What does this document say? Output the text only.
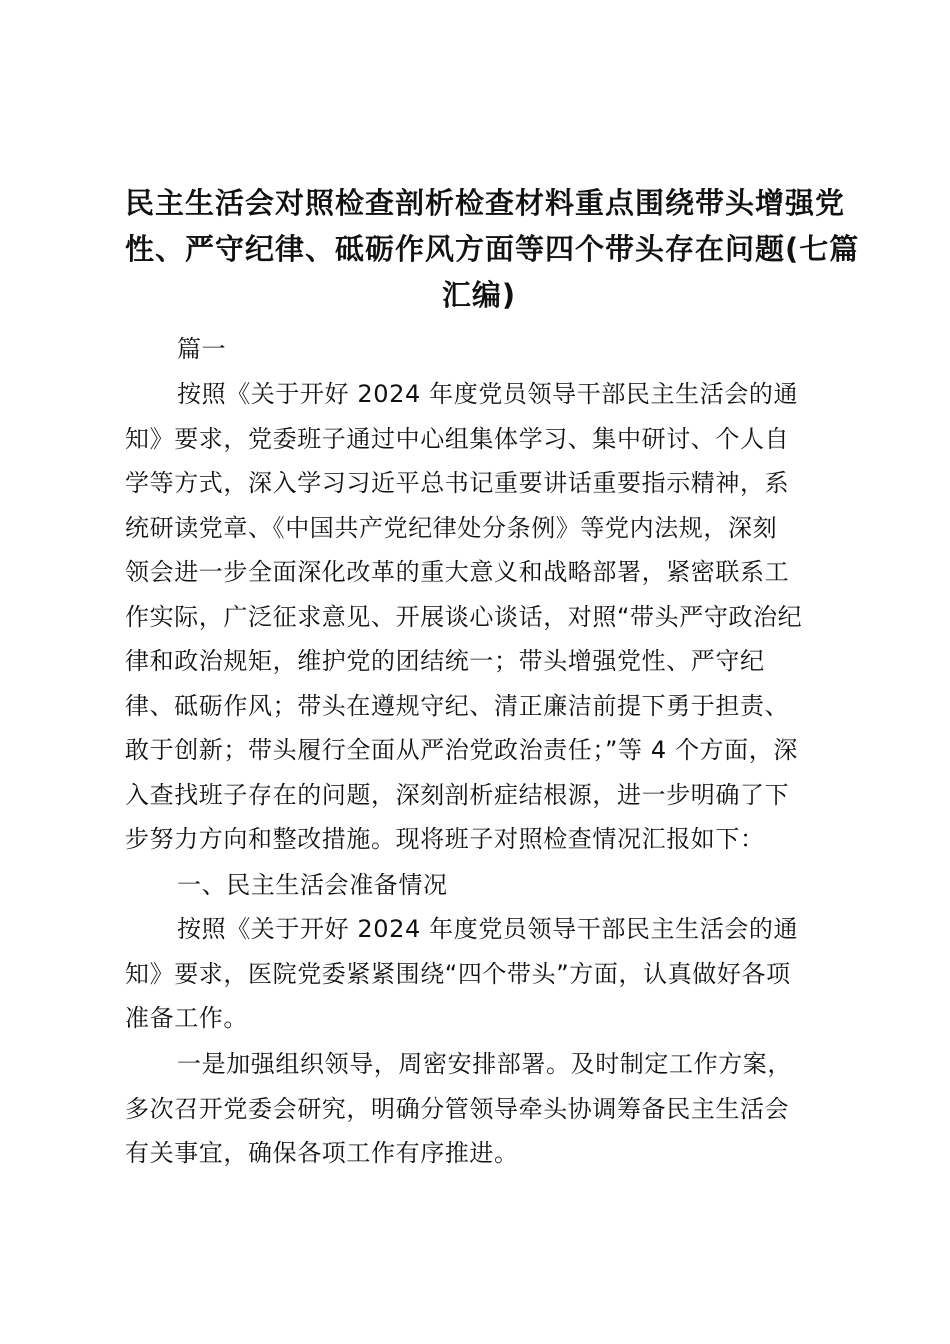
民主生活会对照检查剖析检查材料重点围绕带头增强党
性、严守纪律、砥砺作风方面等四个带头存在问题(七篇
汇编)
篇一
按照《关于开好 2024 年度党员领导干部民主生活会的通
知》要求，党委班子通过中心组集体学习、集中研讨、个人自
学等方式，深入学习习近平总书记重要讲话重要指示精神，系
统研读党章、《中国共产党纪律处分条例》等党内法规，深刻
领会进一步全面深化改革的重大意义和战略部署，紧密联系工
作实际，广泛征求意见、开展谈心谈话，对照“带头严守政治纪
律和政治规矩，维护党的团结统一；带头增强党性、严守纪
律、砥砺作风；带头在遵规守纪、清正廉洁前提下勇于担责、
敢于创新；带头履行全面从严治党政治责任；”等 4 个方面，深
入查找班子存在的问题，深刻剖析症结根源，进一步明确了下
步努力方向和整改措施。现将班子对照检查情况汇报如下：
一、民主生活会准备情况
按照《关于开好 2024 年度党员领导干部民主生活会的通
知》要求，医院党委紧紧围绕“四个带头”方面，认真做好各项
准备工作。
一是加强组织领导，周密安排部署。及时制定工作方案，
多次召开党委会研究，明确分管领导牵头协调筹备民主生活会
有关事宜，确保各项工作有序推进。
